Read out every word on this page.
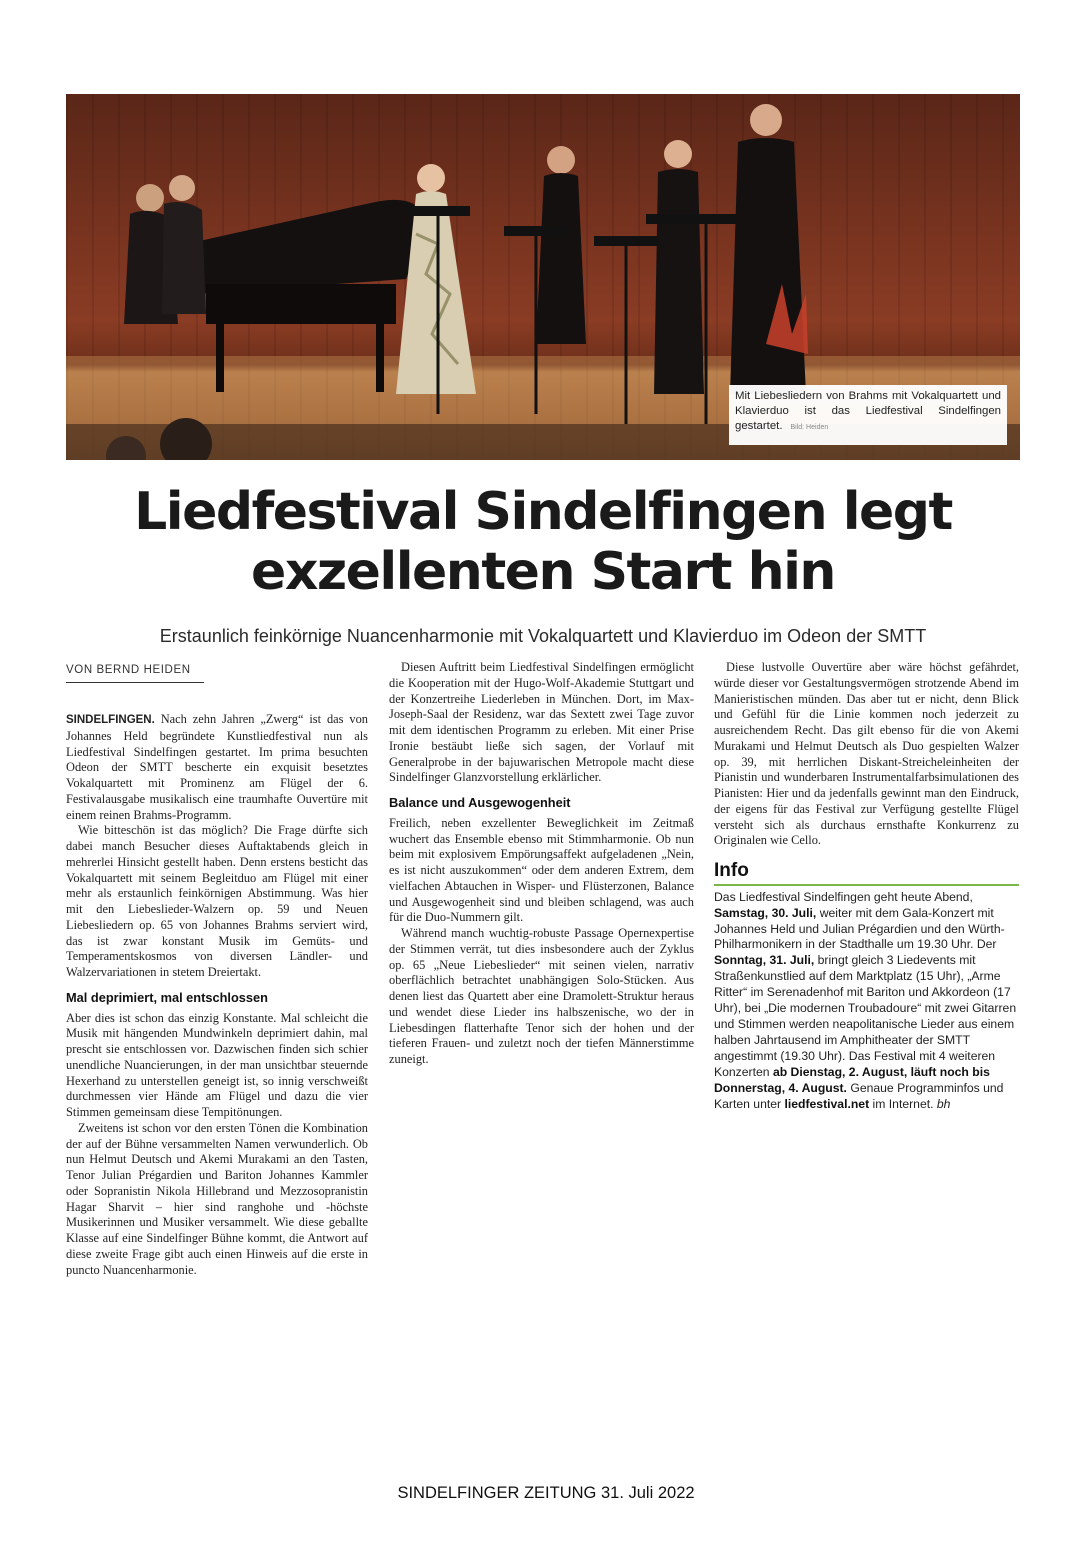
Mit Liebesliedern von Brahms mit Vokalquartett und Klavierduo ist das Liedfestival Sindelfingen gestartet. Bild: Heiden
Liedfestival Sindelfingen legt exzellenten Start hin

Erstaunlich feinkörnige Nuancenharmonie mit Vokalquartett und Klavierduo im Odeon der SMTT

VON BERND HEIDEN

SINDELFINGEN. Nach zehn Jahren „Zwerg“ ist das von Johannes Held begründete Kunstliedfestival nun als Liedfestival Sindelfingen gestartet. Im prima besuchten Odeon der SMTT bescherte ein exquisit besetztes Vokalquartett mit Prominenz am Flügel der 6. Festivalausgabe musikalisch eine traumhafte Ouvertüre mit einem reinen Brahms-Programm.

Wie bitteschön ist das möglich? Die Frage dürfte sich dabei manch Besucher dieses Auftaktabends gleich in mehrerlei Hinsicht gestellt haben. Denn erstens besticht das Vokalquartett mit seinem Begleitduo am Flügel mit einer mehr als erstaunlich feinkörnigen Abstimmung. Was hier mit den Liebeslieder-Walzern op. 59 und Neuen Liebesliedern op. 65 von Johannes Brahms serviert wird, das ist zwar konstant Musik im Gemüts- und Temperamentskosmos von diversen Ländler- und Walzervariationen in stetem Dreiertakt.

Mal deprimiert, mal entschlossen

Aber dies ist schon das einzig Konstante. Mal schleicht die Musik mit hängenden Mundwinkeln deprimiert dahin, mal prescht sie entschlossen vor. Dazwischen finden sich schier unendliche Nuancierungen, in der man unsichtbar steuernde Hexerhand zu unterstellen geneigt ist, so innig verschweißt durchmessen vier Hände am Flügel und dazu die vier Stimmen gemeinsam diese Tempitönungen.

Zweitens ist schon vor den ersten Tönen die Kombination der auf der Bühne versammelten Namen verwunderlich. Ob nun Helmut Deutsch und Akemi Murakami an den Tasten, Tenor Julian Prégardien und Bariton Johannes Kammler oder Sopranistin Nikola Hillebrand und Mezzosopranistin Hagar Sharvit – hier sind ranghohe und -höchste Musikerinnen und Musiker versammelt. Wie diese geballte Klasse auf eine Sindelfinger Bühne kommt, die Antwort auf diese zweite Frage gibt auch einen Hinweis auf die erste in puncto Nuancenharmonie.

Diesen Auftritt beim Liedfestival Sindelfingen ermöglicht die Kooperation mit der Hugo-Wolf-Akademie Stuttgart und der Konzertreihe Liederleben in München. Dort, im Max-Joseph-Saal der Residenz, war das Sextett zwei Tage zuvor mit dem identischen Programm zu erleben. Mit einer Prise Ironie bestäubt ließe sich sagen, der Vorlauf mit Generalprobe in der bajuwarischen Metropole macht diese Sindelfinger Glanzvorstellung erklärlicher.

Balance und Ausgewogenheit

Freilich, neben exzellenter Beweglichkeit im Zeitmaß wuchert das Ensemble ebenso mit Stimmharmonie. Ob nun beim mit explosivem Empörungsaffekt aufgeladenen „Nein, es ist nicht auszukommen“ oder dem anderen Extrem, dem vielfachen Abtauchen in Wisper- und Flüsterzonen, Balance und Ausgewogenheit sind und bleiben schlagend, was auch für die Duo-Nummern gilt.

Während manch wuchtig-robuste Passage Opernexpertise der Stimmen verrät, tut dies insbesondere auch der Zyklus op. 65 „Neue Liebeslieder“ mit seinen vielen, narrativ oberflächlich betrachtet unabhängigen Solo-Stücken. Aus denen liest das Quartett aber eine Dramolett-Struktur heraus und wendet diese Lieder ins halbszenische, wo der in Liebesdingen flatterhafte Tenor sich der hohen und der tieferen Frauen- und zuletzt noch der tiefen Männerstimme zuneigt.

Diese lustvolle Ouvertüre aber wäre höchst gefährdet, würde dieser vor Gestaltungsvermögen strotzende Abend im Manieristischen münden. Das aber tut er nicht, denn Blick und Gefühl für die Linie kommen noch jederzeit zu ausreichendem Recht. Das gilt ebenso für die von Akemi Murakami und Helmut Deutsch als Duo gespielten Walzer op. 39, mit herrlichen Diskant-Streicheleinheiten der Pianistin und wunderbaren Instrumentalfarbsimulationen des Pianisten: Hier und da jedenfalls gewinnt man den Eindruck, der eigens für das Festival zur Verfügung gestellte Flügel versteht sich als durchaus ernsthafte Konkurrenz zu Originalen wie Cello.

Info
Das Liedfestival Sindelfingen geht heute Abend, Samstag, 30. Juli, weiter mit dem Gala-Konzert mit Johannes Held und Julian Prégardien und den Würth-Philharmonikern in der Stadthalle um 19.30 Uhr. Der Sonntag, 31. Juli, bringt gleich 3 Liedevents mit Straßenkunstlied auf dem Marktplatz (15 Uhr), „Arme Ritter“ im Serenadenhof mit Bariton und Akkordeon (17 Uhr), bei „Die modernen Troubadoure“ mit zwei Gitarren und Stimmen werden neapolitanische Lieder aus einem halben Jahrtausend im Amphitheater der SMTT angestimmt (19.30 Uhr). Das Festival mit 4 weiteren Konzerten ab Dienstag, 2. August, läuft noch bis Donnerstag, 4. August. Genaue Programminfos und Karten unter liedfestival.net im Internet. bh
SINDELFINGER ZEITUNG 31. Juli 2022
